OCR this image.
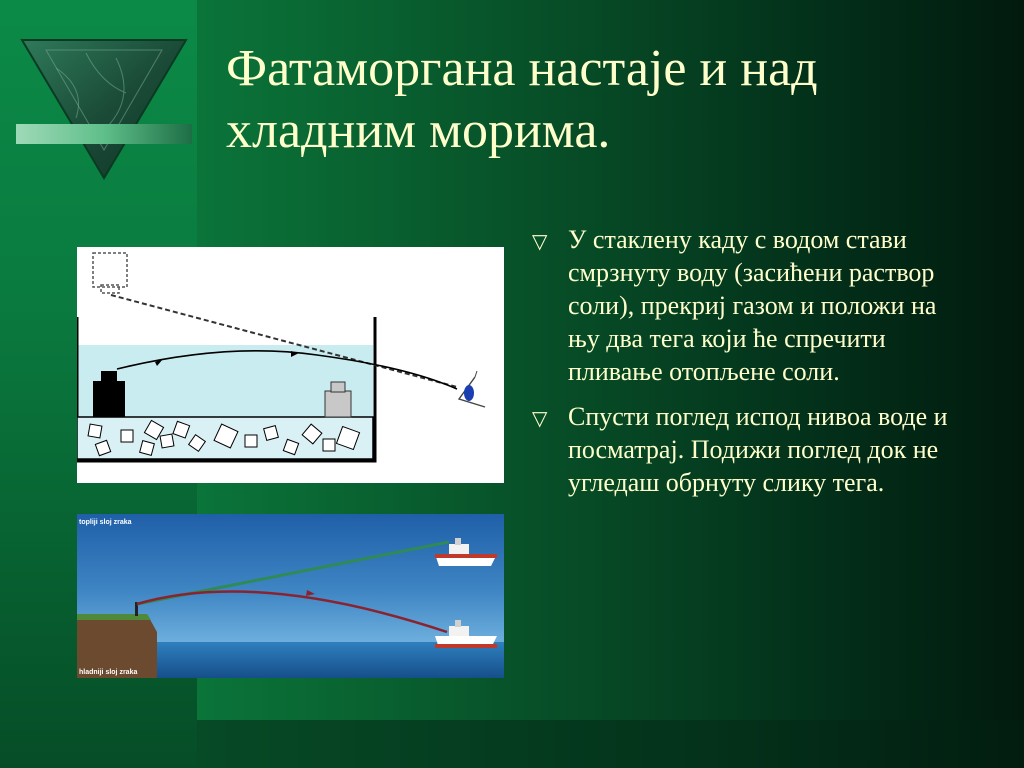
Фатаморгана настаје и над хладним морима.
topliji sloj zraka
hladniji sloj zraka
▽ У стаклену каду с водом стави смрзнуту воду (засићени раствор соли), прекриј газом и положи на њу два тега који ће спречити пливање отопљене соли.
▽ Спусти поглед испод нивоа воде и посматрај. Подижи поглед док не угледаш обрнуту слику тега.
